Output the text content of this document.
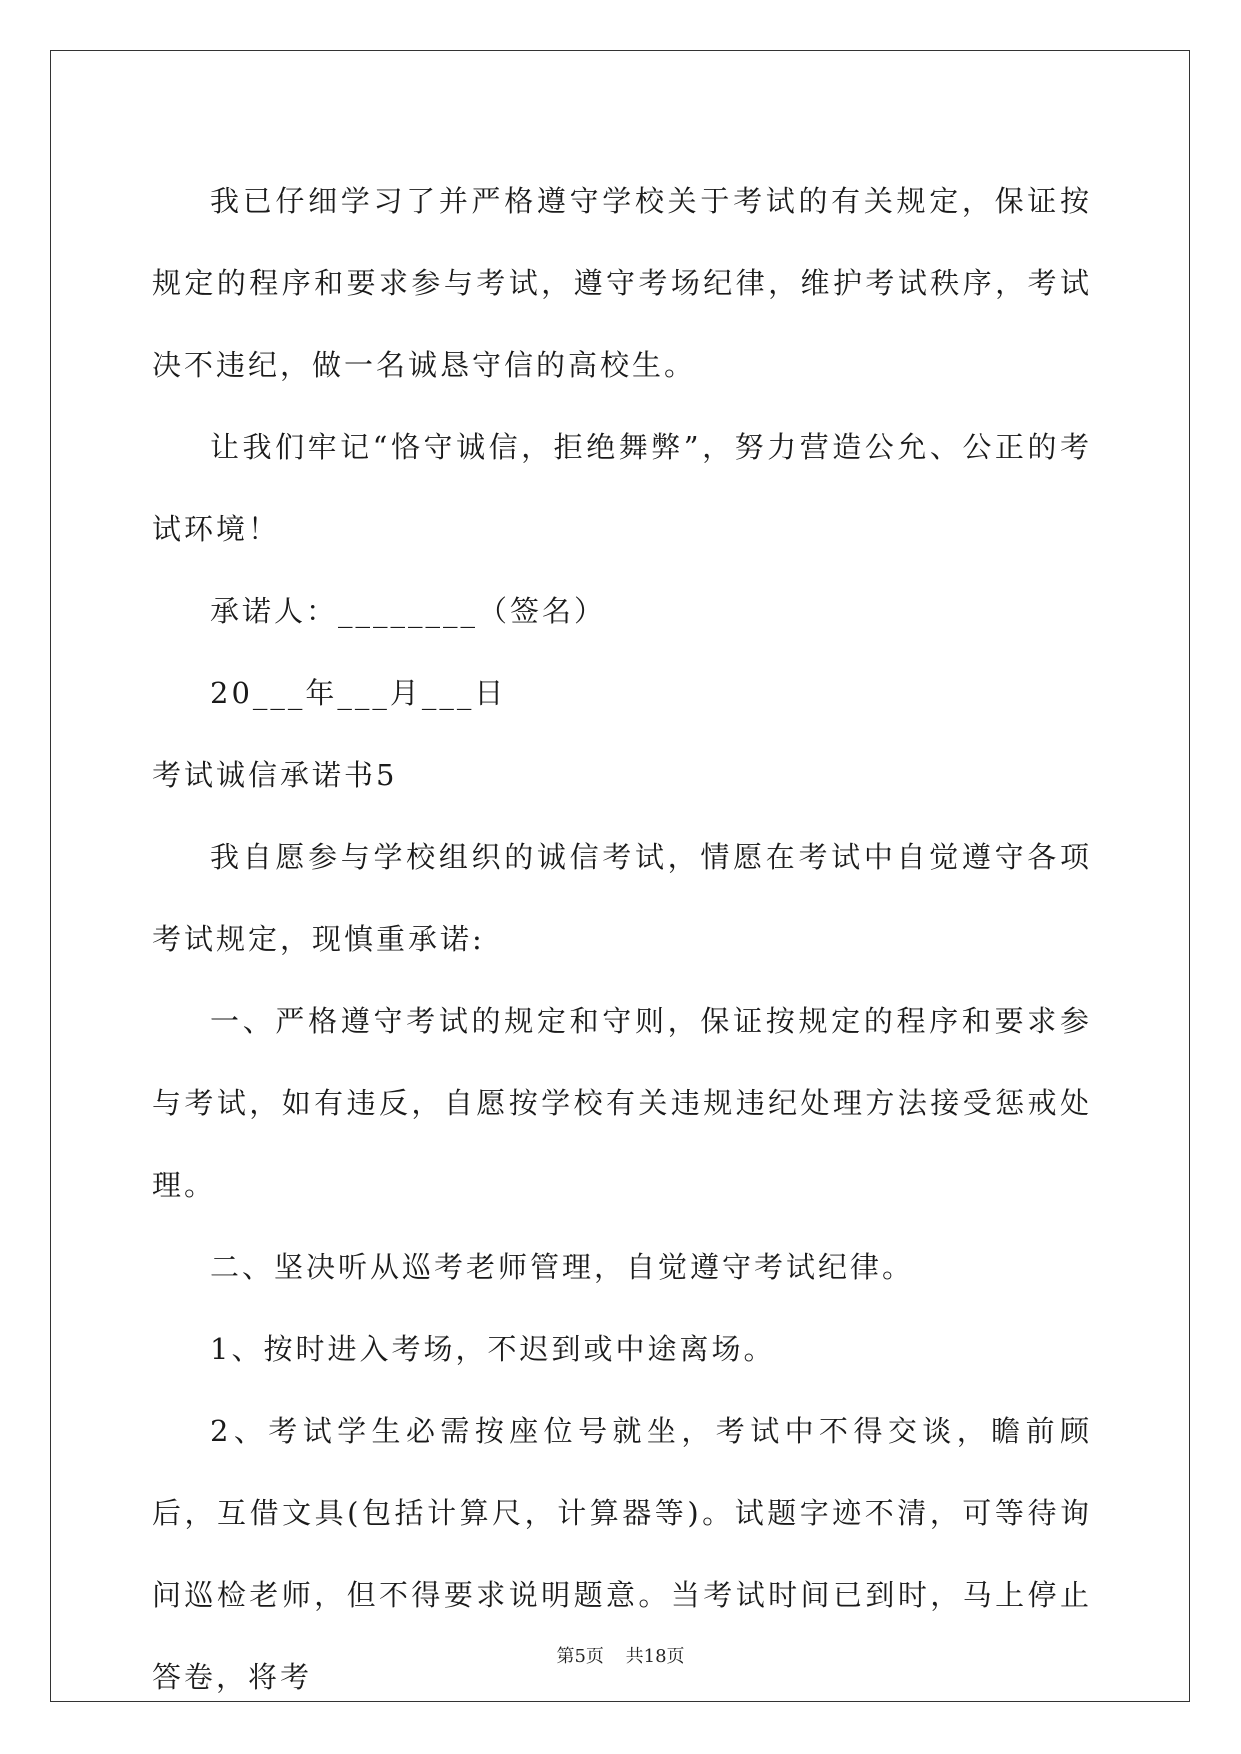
我已仔细学习了并严格遵守学校关于考试的有关规定，保证按规定的程序和要求参与考试，遵守考场纪律，维护考试秩序，考试决不违纪，做一名诚恳守信的高校生。

让我们牢记“恪守诚信，拒绝舞弊”，努力营造公允、公正的考试环境！

承诺人：________（签名）

20___年___月___日

考试诚信承诺书5

我自愿参与学校组织的诚信考试，情愿在考试中自觉遵守各项考试规定，现慎重承诺:

一、严格遵守考试的规定和守则，保证按规定的程序和要求参与考试，如有违反，自愿按学校有关违规违纪处理方法接受惩戒处理。

二、坚决听从巡考老师管理，自觉遵守考试纪律。

1、按时进入考场，不迟到或中途离场。

2、考试学生必需按座位号就坐，考试中不得交谈，瞻前顾后，互借文具(包括计算尺，计算器等)。试题字迹不清，可等待询问巡检老师，但不得要求说明题意。当考试时间已到时，马上停止答卷，将考

第5页 共18页
